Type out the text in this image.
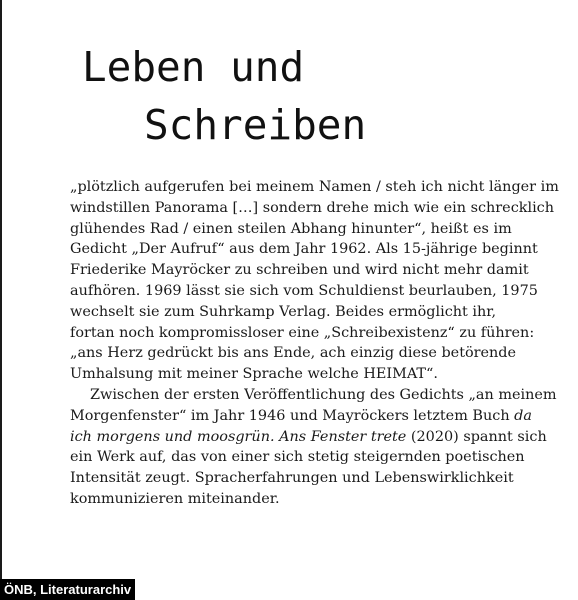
Leben und
Schreiben
„plötzlich aufgerufen bei meinem Namen / steh ich nicht länger im
windstillen Panorama […] sondern drehe mich wie ein schrecklich
glühendes Rad / einen steilen Abhang hinunter“, heißt es im
Gedicht „Der Aufruf“ aus dem Jahr 1962. Als 15-jährige beginnt
Friederike Mayröcker zu schreiben und wird nicht mehr damit
aufhören. 1969 lässt sie sich vom Schuldienst beurlauben, 1975
wechselt sie zum Suhrkamp Verlag. Beides ermöglicht ihr,
fortan noch kompromissloser eine „Schreibexistenz“ zu führen:
„ans Herz gedrückt bis ans Ende, ach einzig diese betörende
Umhalsung mit meiner Sprache welche HEIMAT“.
Zwischen der ersten Veröffentlichung des Gedichts „an meinem
Morgenfenster“ im Jahr 1946 und Mayröckers letztem Buch da
ich morgens und moosgrün. Ans Fenster trete (2020) spannt sich
ein Werk auf, das von einer sich stetig steigernden poetischen
Intensität zeugt. Spracherfahrungen und Lebenswirklichkeit
kommunizieren miteinander.
ÖNB, Literaturarchiv
